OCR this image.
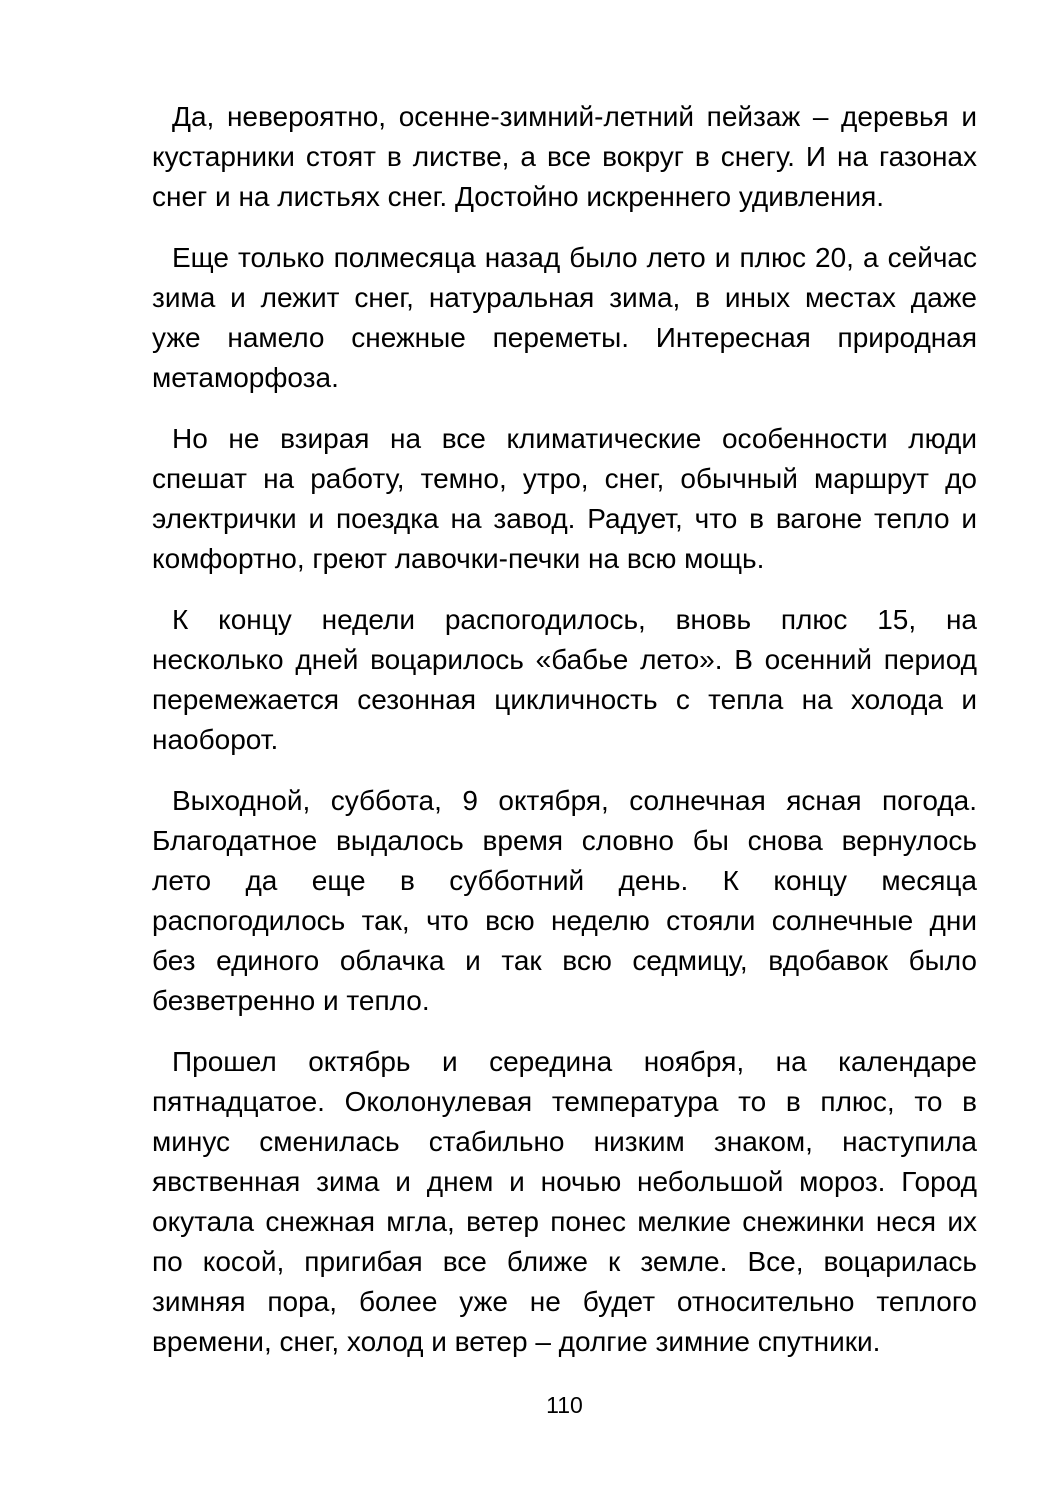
Да, невероятно, осенне-зимний-летний пейзаж – деревья и
кустарники стоят в листве, а все вокруг в снегу. И на газонах
снег и на листьях снег. Достойно искреннего удивления.
Еще только полмесяца назад было лето и плюс 20, а сейчас
зима и лежит снег, натуральная зима, в иных местах даже
уже намело снежные переметы. Интересная природная
метаморфоза.
Но не взирая на все климатические особенности люди
спешат на работу, темно, утро, снег, обычный маршрут до
электрички и поездка на завод. Радует, что в вагоне тепло и
комфортно, греют лавочки-печки на всю мощь.
К концу недели распогодилось, вновь плюс 15, на
несколько дней воцарилось «бабье лето». В осенний период
перемежается сезонная цикличность с тепла на холода и
наоборот.
Выходной, суббота, 9 октября, солнечная ясная погода.
Благодатное выдалось время словно бы снова вернулось
лето да еще в субботний день. К концу месяца
распогодилось так, что всю неделю стояли солнечные дни
без единого облачка и так всю седмицу, вдобавок было
безветренно и тепло.
Прошел октябрь и середина ноября, на календаре
пятнадцатое. Околонулевая температура то в плюс, то в
минус сменилась стабильно низким знаком, наступила
явственная зима и днем и ночью небольшой мороз. Город
окутала снежная мгла, ветер понес мелкие снежинки неся их
по косой, пригибая все ближе к земле. Все, воцарилась
зимняя пора, более уже не будет относительно теплого
времени, снег, холод и ветер – долгие зимние спутники.
110
